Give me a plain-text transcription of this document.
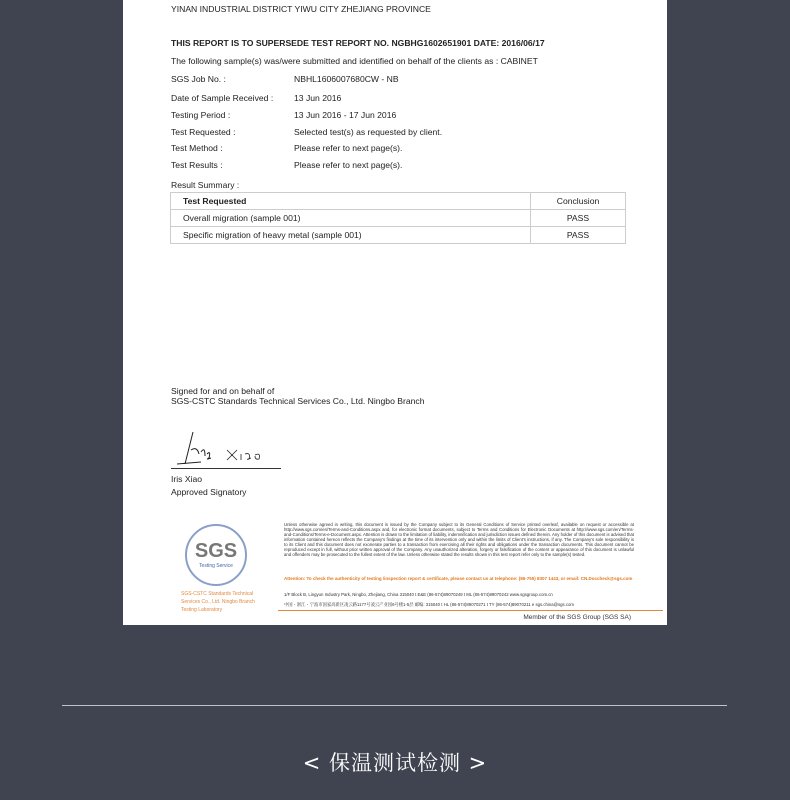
YINAN INDUSTRIAL DISTRICT YIWU CITY ZHEJIANG PROVINCE
THIS REPORT IS TO SUPERSEDE TEST REPORT NO. NGBHG1602651901 DATE: 2016/06/17
The following sample(s) was/were submitted and identified on behalf of the clients as : CABINET
SGS Job No. :	NBHL1606007680CW - NB
Date of Sample Received : 13 Jun 2016
Testing Period :	13 Jun 2016 - 17 Jun 2016
Test Requested :	Selected test(s) as requested by client.
Test Method :	Please refer to next page(s).
Test Results :	Please refer to next page(s).
Result Summary :
Test Requested	Conclusion
Overall migration (sample 001)	PASS
Specific migration of heavy metal (sample 001)	PASS
Signed for and on behalf of
SGS-CSTC Standards Technical Services Co., Ltd. Ningbo Branch
Iris Xiao
Approved Signatory
SGS
Testing Service
SGS-CSTC Standards Technical Services Co., Ltd. Ningbo Branch Testing Laboratory
Unless otherwise agreed in writing, this document is issued by the Company subject to its General Conditions of Service printed overleaf, available on request or accessible at http://www.sgs.com/en/Terms-and-Conditions.aspx and, for electronic format documents, subject to Terms and Conditions for Electronic Documents at http://www.sgs.com/en/Terms-and-Conditions/Terms-e-Document.aspx. Attention is drawn to the limitation of liability, indemnification and jurisdiction issues defined therein. Any holder of this document is advised that information contained hereon reflects the Company's findings at the time of its intervention only and within the limits of Client's instructions, if any. The Company's sole responsibility is to its Client and this document does not exonerate parties to a transaction from exercising all their rights and obligations under the transaction documents. This document cannot be reproduced except in full, without prior written approval of the Company. Any unauthorized alteration, forgery or falsification of the content or appearance of this document is unlawful and offenders may be prosecuted to the fullest extent of the law. Unless otherwise stated the results shown in this test report refer only to the sample(s) tested.
Attention: To check the authenticity of testing /inspection report & certificate, please contact us at telephone: (86-755) 8307 1443, or email: CN.Doccheck@sgs.com
1/F Block B, Lingyun Industry Park, Ningbo, Zhejiang, China 315040 t E&E (86-574)89070249 t ML (86-574)89070242 www.sgsgroup.com.cn
中国・浙江・宁波市国家高新区凌云路1177号凌云产业园6号楼1-5层 邮编: 315040 t HL (86-574)89070271 t TY (86-574)89070211 e sgs.china@sgs.com
Member of the SGS Group (SGS SA)
< 保温测试检测 >
